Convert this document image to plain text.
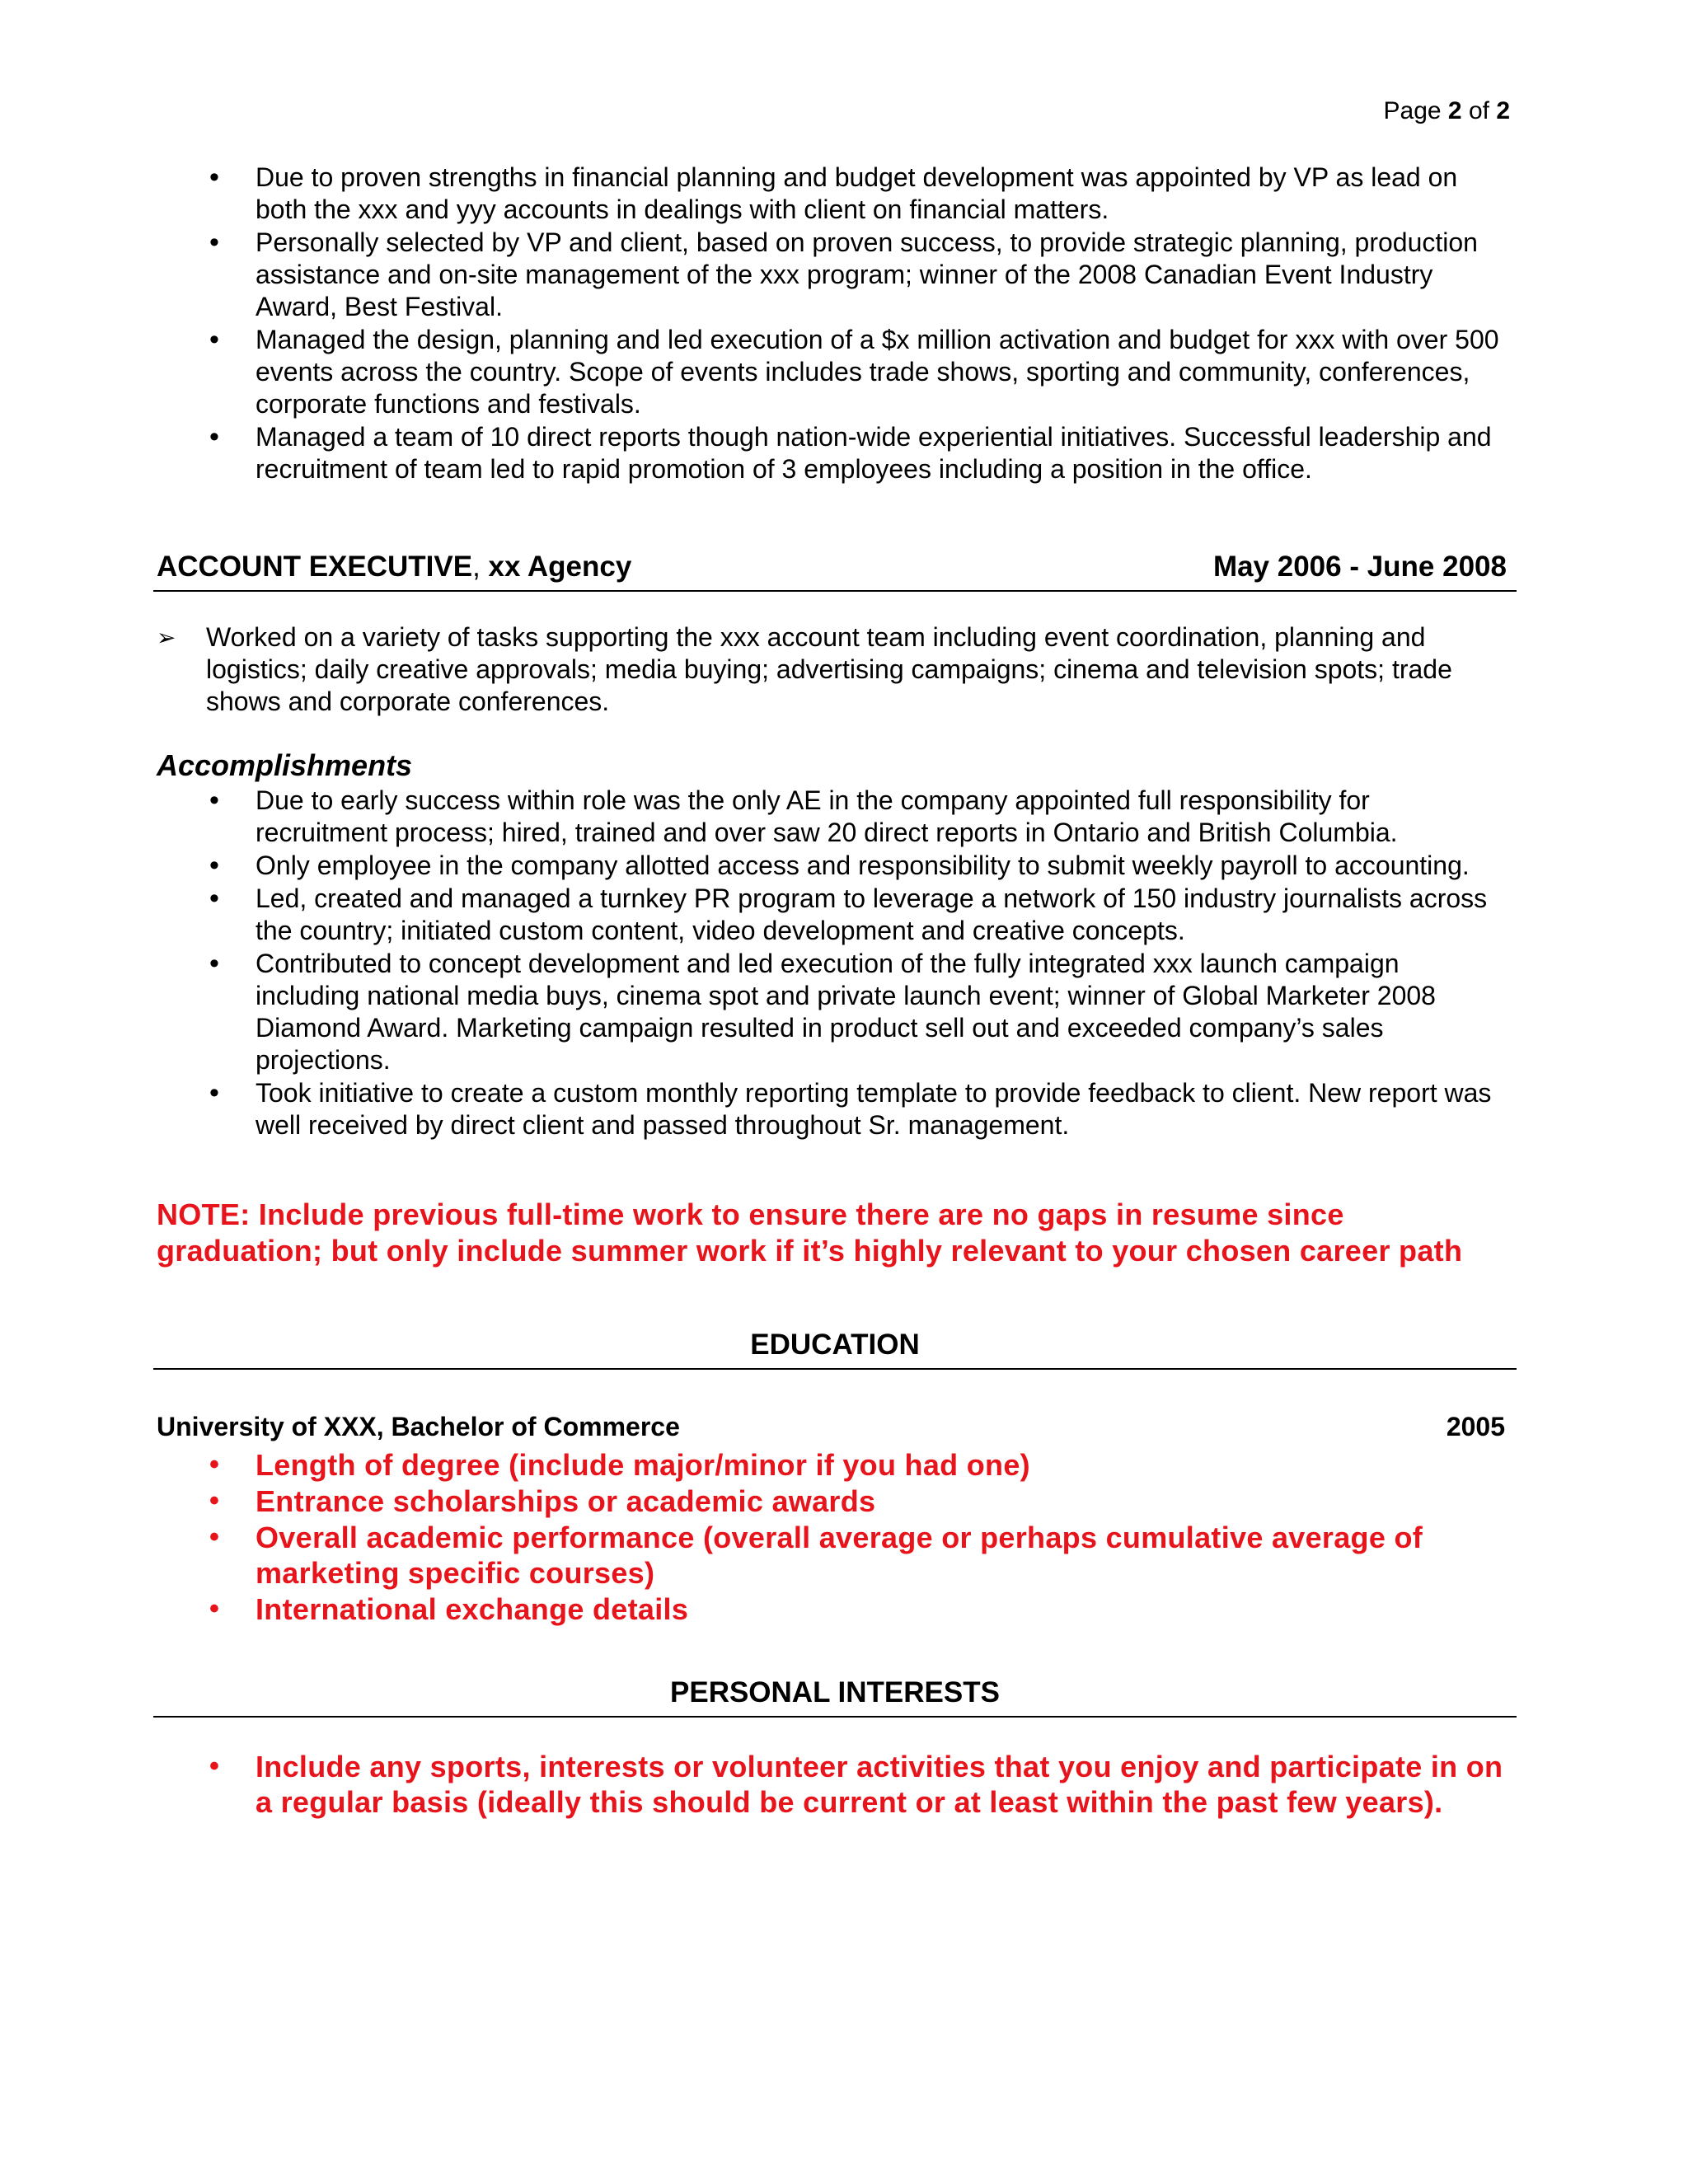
Page 2 of 2
• Due to proven strengths in financial planning and budget development was appointed by VP as lead on both the xxx and yyy accounts in dealings with client on financial matters.
• Personally selected by VP and client, based on proven success, to provide strategic planning, production assistance and on-site management of the xxx program; winner of the 2008 Canadian Event Industry Award, Best Festival.
• Managed the design, planning and led execution of a $x million activation and budget for xxx with over 500 events across the country. Scope of events includes trade shows, sporting and community, conferences, corporate functions and festivals.
• Managed a team of 10 direct reports though nation-wide experiential initiatives. Successful leadership and recruitment of team led to rapid promotion of 3 employees including a position in the office.
ACCOUNT EXECUTIVE, xx Agency	May 2006 - June 2008
➢ Worked on a variety of tasks supporting the xxx account team including event coordination, planning and logistics; daily creative approvals; media buying; advertising campaigns; cinema and television spots; trade shows and corporate conferences.
Accomplishments
• Due to early success within role was the only AE in the company appointed full responsibility for recruitment process; hired, trained and over saw 20 direct reports in Ontario and British Columbia.
• Only employee in the company allotted access and responsibility to submit weekly payroll to accounting.
• Led, created and managed a turnkey PR program to leverage a network of 150 industry journalists across the country; initiated custom content, video development and creative concepts.
• Contributed to concept development and led execution of the fully integrated xxx launch campaign including national media buys, cinema spot and private launch event; winner of Global Marketer 2008 Diamond Award. Marketing campaign resulted in product sell out and exceeded company’s sales projections.
• Took initiative to create a custom monthly reporting template to provide feedback to client. New report was well received by direct client and passed throughout Sr. management.
NOTE: Include previous full-time work to ensure there are no gaps in resume since graduation; but only include summer work if it’s highly relevant to your chosen career path
EDUCATION
University of XXX, Bachelor of Commerce	2005
• Length of degree (include major/minor if you had one)
• Entrance scholarships or academic awards
• Overall academic performance (overall average or perhaps cumulative average of marketing specific courses)
• International exchange details
PERSONAL INTERESTS
• Include any sports, interests or volunteer activities that you enjoy and participate in on a regular basis (ideally this should be current or at least within the past few years).
